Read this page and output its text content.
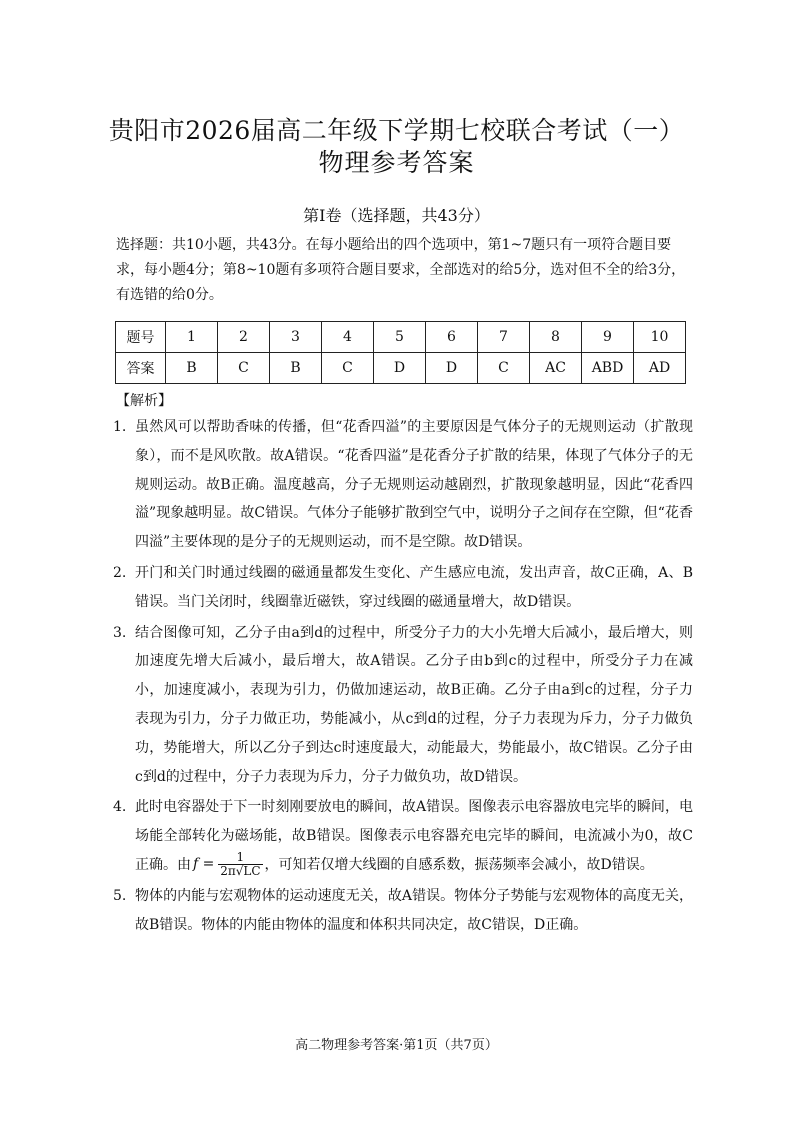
贵阳市2026届高二年级下学期七校联合考试（一）
物理参考答案
第Ⅰ卷（选择题，共43分）
选择题：共10小题，共43分。在每小题给出的四个选项中，第1~7题只有一项符合题目要求，每小题4分；第8~10题有多项符合题目要求，全部选对的给5分，选对但不全的给3分，有选错的给0分。
题号	1	2	3	4	5	6	7	8	9	10
答案	B	C	B	C	D	D	C	AC	ABD	AD
【解析】
1. 虽然风可以帮助香味的传播，但“花香四溢”的主要原因是气体分子的无规则运动（扩散现象），而不是风吹散。故A错误。“花香四溢”是花香分子扩散的结果，体现了气体分子的无规则运动。故B正确。温度越高，分子无规则运动越剧烈，扩散现象越明显，因此“花香四溢”现象越明显。故C错误。气体分子能够扩散到空气中，说明分子之间存在空隙，但“花香四溢”主要体现的是分子的无规则运动，而不是空隙。故D错误。
2. 开门和关门时通过线圈的磁通量都发生变化、产生感应电流，发出声音，故C正确，A、B错误。当门关闭时，线圈靠近磁铁，穿过线圈的磁通量增大，故D错误。
3. 结合图像可知，乙分子由a到d的过程中，所受分子力的大小先增大后减小，最后增大，则加速度先增大后减小，最后增大，故A错误。乙分子由b到c的过程中，所受分子力在减小，加速度减小，表现为引力，仍做加速运动，故B正确。乙分子由a到c的过程，分子力表现为引力，分子力做正功，势能减小，从c到d的过程，分子力表现为斥力，分子力做负功，势能增大，所以乙分子到达c时速度最大，动能最大，势能最小，故C错误。乙分子由c到d的过程中，分子力表现为斥力，分子力做负功，故D错误。
4. 此时电容器处于下一时刻刚要放电的瞬间，故A错误。图像表示电容器放电完毕的瞬间，电场能全部转化为磁场能，故B错误。图像表示电容器充电完毕的瞬间，电流减小为0，故C正确。由 $f = \frac{1}{2\pi√LC}$ ，可知若仅增大线圈的自感系数，振荡频率会减小，故D错误。
5. 物体的内能与宏观物体的运动速度无关，故A错误。物体分子势能与宏观物体的高度无关，故B错误。物体的内能由物体的温度和体积共同决定，故C错误，D正确。
高二物理参考答案·第1页（共7页）
